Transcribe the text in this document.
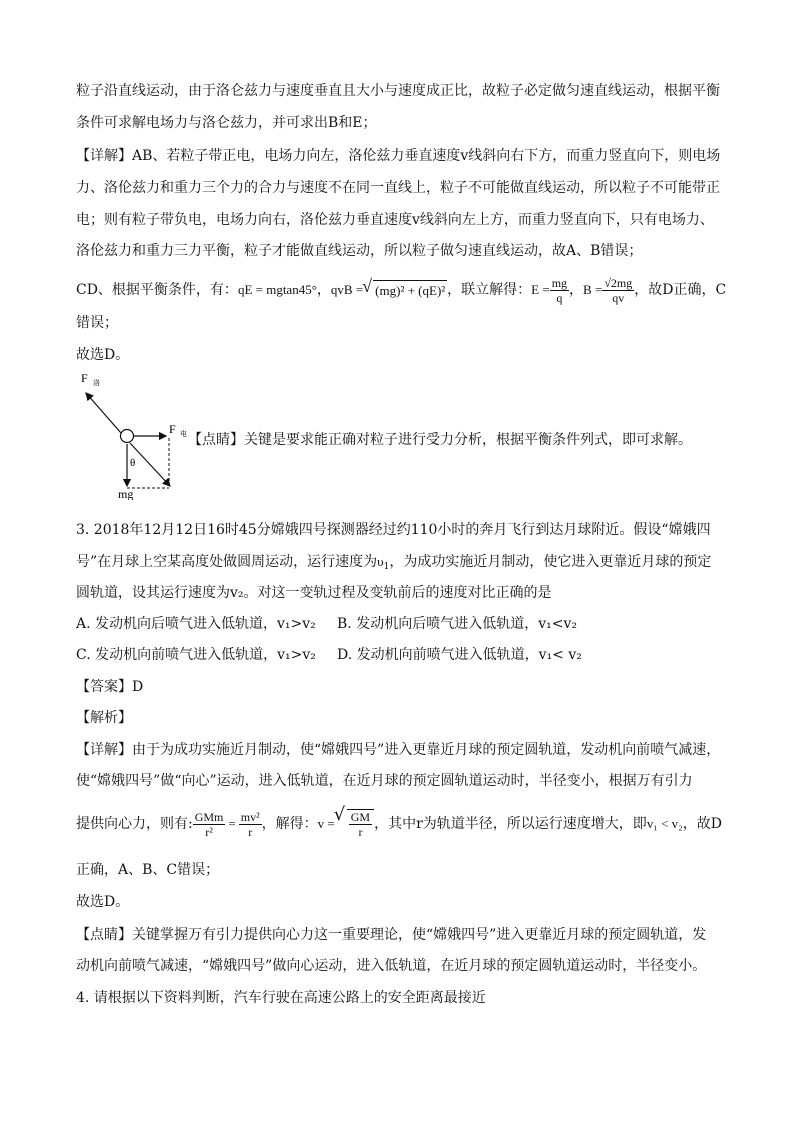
粒子沿直线运动，由于洛仑兹力与速度垂直且大小与速度成正比，故粒子必定做匀速直线运动，根据平衡
条件可求解电场力与洛仑兹力，并可求出B和E；
【详解】AB、若粒子带正电，电场力向左，洛伦兹力垂直速度v线斜向右下方，而重力竖直向下，则电场
力、洛伦兹力和重力三个力的合力与速度不在同一直线上，粒子不可能做直线运动，所以粒子不可能带正
电；则有粒子带负电，电场力向右，洛伦兹力垂直速度v线斜向左上方，而重力竖直向下，只有电场力、
洛伦兹力和重力三力平衡，粒子才能做直线运动，所以粒子做匀速直线运动，故A、B错误；
CD、根据平衡条件，有： qE = mgtan45° ， qvB = √ (mg)² + (qE)² ，联立解得： $E = \frac{mg}{q}$ ， $B = \frac{√2mg}{qv}$ ，故D正确，C
错误；
故选D。
F 洛
F 电
θ
mg
【点睛】关键是要求能正确对粒子进行受力分析，根据平衡条件列式，即可求解。
3. 2018年12月12日16时45分嫦娥四号探测器经过约110小时的奔月飞行到达月球附近。假设“嫦娥四
号”在月球上空某高度处做圆周运动，运行速度为$\upsilon_1$，为成功实施近月制动，使它进入更靠近月球的预定
圆轨道，设其运行速度为v₂。对这一变轨过程及变轨前后的速度对比正确的是
A. 发动机向后喷气进入低轨道，v₁>v₂ B. 发动机向后喷气进入低轨道，v₁<v₂
C. 发动机向前喷气进入低轨道，v₁>v₂ D. 发动机向前喷气进入低轨道，v₁< v₂
【答案】D
【解析】
【详解】由于为成功实施近月制动，使“嫦娥四号”进入更靠近月球的预定圆轨道，发动机向前喷气减速，
使“嫦娥四号”做“向心”运动，进入低轨道，在近月球的预定圆轨道运动时，半径变小，根据万有引力
提供向心力，则有: $\frac{\text{GMm}}{\text{r²}} = \frac{\text{mv²}}{r}$ ，解得： v = √ $\frac{GM}{r}$ ，其中r为轨道半径，所以运行速度增大，即 v₁ < v₂ ，故D
正确，A、B、C错误；
故选D。
【点睛】关键掌握万有引力提供向心力这一重要理论，使“嫦娥四号”进入更靠近月球的预定圆轨道，发
动机向前喷气减速，“嫦娥四号”做向心运动，进入低轨道，在近月球的预定圆轨道运动时，半径变小。
4. 请根据以下资料判断，汽车行驶在高速公路上的安全距离最接近
